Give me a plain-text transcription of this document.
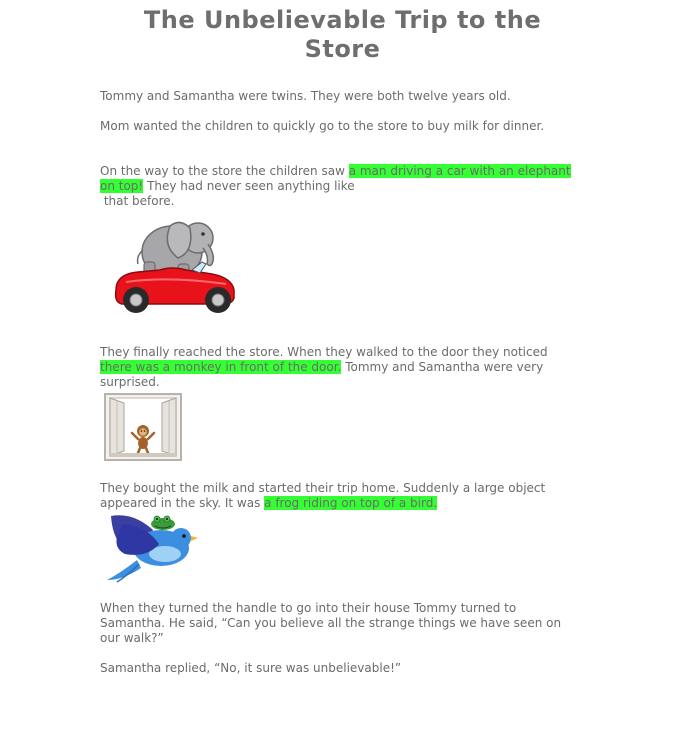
The Unbelievable Trip to the Store

Tommy and Samantha were twins. They were both twelve years old.

Mom wanted the children to quickly go to the store to buy milk for dinner.

On the way to the store the children saw a man driving a car with an elephant on top! They had never seen anything like
that before.

They finally reached the store. When they walked to the door they noticed there was a monkey in front of the door. Tommy and Samantha were very surprised.

They bought the milk and started their trip home. Suddenly a large object appeared in the sky. It was a frog riding on top of a bird.

When they turned the handle to go into their house Tommy turned to Samantha. He said, “Can you believe all the strange things we have seen on our walk?”

Samantha replied, “No, it sure was unbelievable!”
